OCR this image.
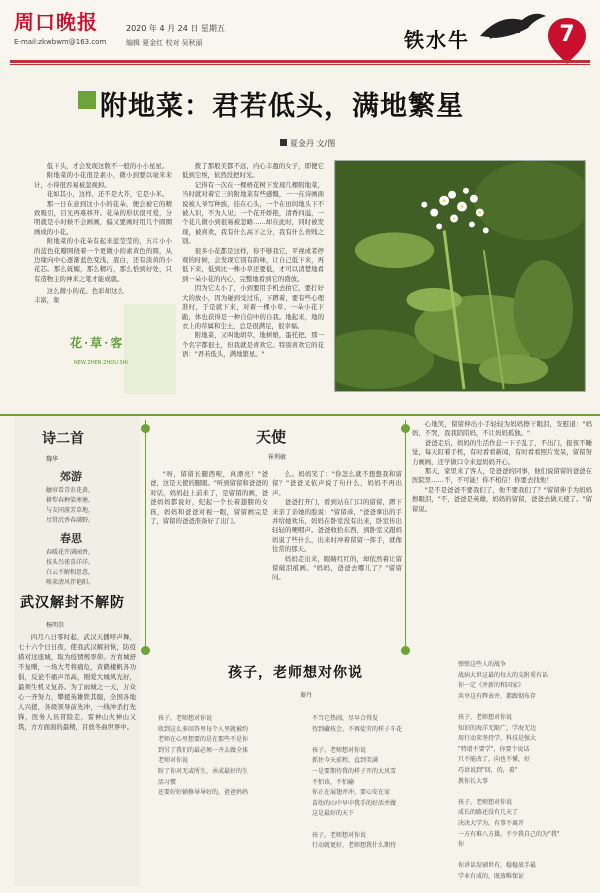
周口晚报
E-mail:zkwbwm@163.com
2020 年 4 月 24 日 星期五
编辑 夏金红 校对 吴秋丽	铁水牛	7
附地菜：君若低头，满地繁星
夏金丹 文/图

低下头，才会发现这数不一般的小小星星。

附地菜的小花很是素小，微小到要以毫米来计，小得很容易被忽视掉。

花如其小，这样，还不是大芥，它是小米。

那一日在意到这小小的花朵，便会被它的精致吸引，目光再难移开。花朵的形状很可爱，分明就是小时候不会画画，偏又要画时用几个圆圈画成的小花。

附地菜的小花朵有起来蓝莹莹的，五片小小的蓝色花瓣围绕着一个更微小的素黄色的圆，从边缘向中心逐渐蓝色变浅，底白，还有淡黄的小花芯。那么妩媚，那么精巧，那么恰到好处，只有造物主的神来之笔才能成就。

这么微小的花。色彩却这么丰富，象

花·草·客
NEW ZHEN ZHOU SHI

拨了那般美都不远，内心丰盈的女子，即便它低到尘埃，依然没把时光。

记得有一次在一棵梧花树下发现几棵附地菜，当时就对着它三的附地菜有些感慨，一一在诗画面说被人爷写种族，挂在心头，一个在田间地头下不被人识，不为人见；一个花开娇艳，清香四溢，一个花儿微小到很易被忽略……却在此时，同时被发现，被喜欢，我有什么高下之分，我有什么贵贱之别。

很多小花都是这样，你不够我它，平视或者停观的时候，会发现它别有韵味，让自己低下来，再低下来，低到比一株小草还要低，才可以清楚地看到一朵小花的内心，完整地看到它的盛放。

因为它太小了，小到要用手机去拍它，要打好大的放小，因为碰到受过乐，下蹲着，要有些心理准时，于是就下来，对着一棵小草、一朵小花下跪，体也获得是一种自信中的自我。地起来，地的衣上的草属和尘土，总是很满足，很幸福。

附地菜，又叫地胡草，地树娘，蛋托把，那一个名字都很土，但我就是喜欢它。特别喜欢它的花语："君若低头，满地繁星。"

诗二首
魏华
郊游
触帘看青农花黄，
耕犁春种染寒塘。
与友同游芳草地，
尽赏沉香春满野。
春思
春暖花开满园香，
枝头鸟雀喜洋洋。
白云不解相思意，
唤来清风伴艳阳。
武汉解封不解防
杨明崇

四月八日零时起，武汉天播呼声舞，七十六个日日夜，使我武汉解封恢，防疫措对这座城，取为疫情规率仰。方育城舒不复曙，一场大考将痛危，黄鹤楼帆各功倡，反论不痛声吊高，刚爱大城风光好，最须生机又复苏。为了雨城之一天，万众心一齐努力，攀援英雄铁其服，全国各地人兴援，各级领导前先冲，一线冲杀打先锋，医务人员冒险走，雷神山火神山又筑，方方面面的最精，目放冬曲世界中。

天使
崔利敏

"呀，留留长腿西呢，真漂亮！"爸爸，这是天使的腿眼。"听到留留和爸爸的对话，妈妈赶上前来了，是留留的画，爸爸妈妈都说好，纪起一个长着翅膀的女孩，妈妈和爸爸对视一眼，留留画完是了，留留的爸爸准备好了出门。

么。妈妈笑了："你怎么就不想想我和留留？"爸爸叉依声说了句什么，妈妈不再出声。

爸爸打开门，看到站在门口的留留，蹲下来亲了亲她的脸说："留留乖，"爸爸拿出的手并给她欢乐，妈妈在卧室没有出来，卧室传出轻轻的哽咽声。爸爸收拾东西，到卧室又跟妈妈说了些什么，出来时冲着留留一挥手，就像往常的那天。

妈妈走出来，眼睛红红的，却依然着让留留破泪痕画。"妈妈，爸爸去哪儿了？"留留问。

心地笑，留留伸出小手轻轻为妈妈擦干眼泪，安慰道："妈妈，不哭，我我陪陪妈，不让妈妈孤独。"

爸爸走后，妈妈的生活作息一下子乱了，不出门，报夜不睡觉，每天盯着手机，有时看看新闻，有时看看照片发呆，留留努力画画，还学做口令来逗妈妈开心。

那天，家里来了客人，是爸爸的同事，他们说留留的爸爸在医院里……不，不可能！你不相信！你要去找他！

"是不是爸爸不要我们了，他不要我们了？"留留伸手为妈妈擦眼泪，"不，爸爸是英雄，妈妈的留留，爸爸去做天使了。"留留说。

孩子，老师想对你说
秦丹
孩子，老师想对你说
收到这么多回答里每个人里就被约
老师在心里想要的是在那些不是你
到另了我们的最必须一齐去做全体
老师对你说
盼了你对无或所生，承成最好的生
活习惯
还要好好辅修导导好的，爸爸妈妈
不当它热闹，尽早合得发
待到藏枝会，不再徒劳的样子斗花

孩子，老师想对你说
抓住今天前程，直到美满
一是要期待我的样子开的大风雪
不怕该，不怕输
你正在展翅并冲，要心安在家
苗幼的山中早中我手的好活并做
这是最好的天下

孩子，老师想对你说
行动就更好，老师想我什么期待
弹弹这些人的战争
战病大世这最的每大的支附重有话
你一定《并新的和国家》
共享这有辉表并，都跟彻布存

孩子，老师想对你说
知识的海洋无限广，学海无边
用行动来坚持学，科技是强大
"特谱不要学"，你要个说话
只不能改了，向也不懂，好
巧语说到"回，的，着"
教你长大事

孩子，老师想对你说
成长的路还没有几天了
决决大学为，有事不离开
一方有难八方援，不少我自己的为"我"
你

你讲话发刷世有，稳稳放手最
学业有成的，既放唯保证
